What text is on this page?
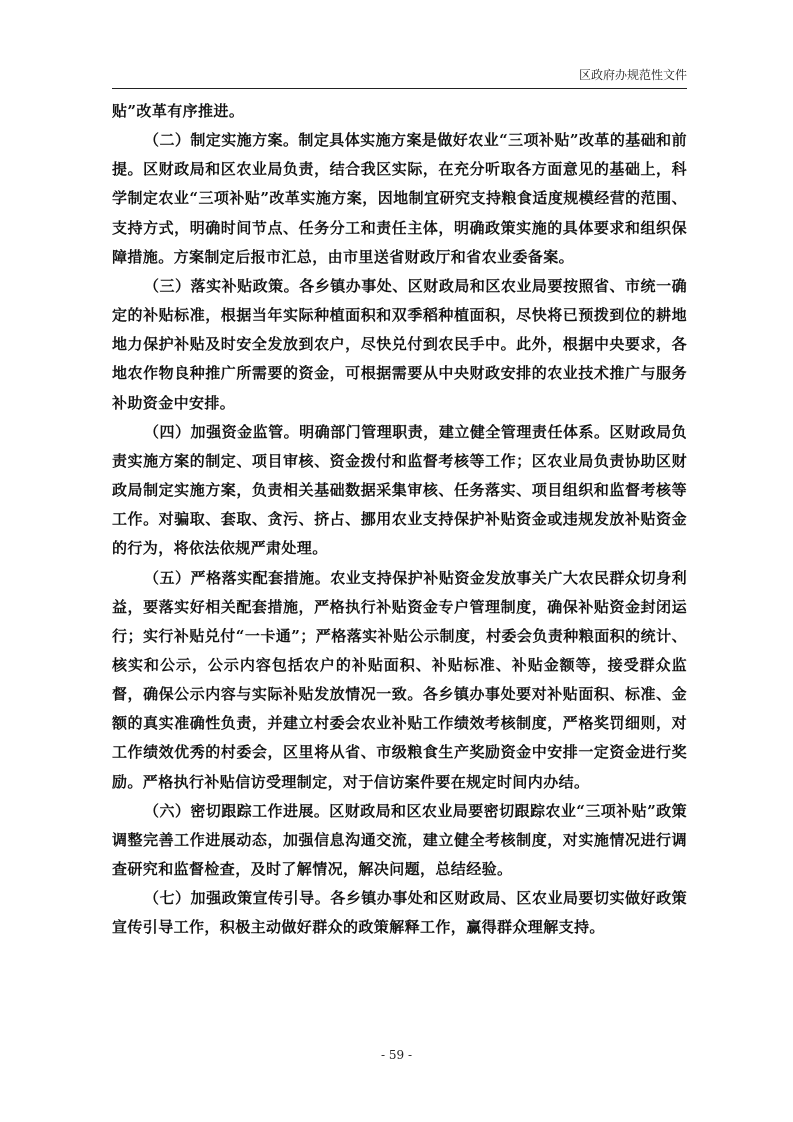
区政府办规范性文件

贴”改革有序推进。

（二）制定实施方案。制定具体实施方案是做好农业“三项补贴”改革的基础和前提。区财政局和区农业局负责，结合我区实际，在充分听取各方面意见的基础上，科学制定农业“三项补贴”改革实施方案，因地制宜研究支持粮食适度规模经营的范围、支持方式，明确时间节点、任务分工和责任主体，明确政策实施的具体要求和组织保障措施。方案制定后报市汇总，由市里送省财政厅和省农业委备案。

（三）落实补贴政策。各乡镇办事处、区财政局和区农业局要按照省、市统一确定的补贴标准，根据当年实际种植面积和双季稻种植面积，尽快将已预拨到位的耕地地力保护补贴及时安全发放到农户，尽快兑付到农民手中。此外，根据中央要求，各地农作物良种推广所需要的资金，可根据需要从中央财政安排的农业技术推广与服务补助资金中安排。

（四）加强资金监管。明确部门管理职责，建立健全管理责任体系。区财政局负责实施方案的制定、项目审核、资金拨付和监督考核等工作；区农业局负责协助区财政局制定实施方案，负责相关基础数据采集审核、任务落实、项目组织和监督考核等工作。对骗取、套取、贪污、挤占、挪用农业支持保护补贴资金或违规发放补贴资金的行为，将依法依规严肃处理。

（五）严格落实配套措施。农业支持保护补贴资金发放事关广大农民群众切身利益，要落实好相关配套措施，严格执行补贴资金专户管理制度，确保补贴资金封闭运行；实行补贴兑付“一卡通”；严格落实补贴公示制度，村委会负责种粮面积的统计、核实和公示，公示内容包括农户的补贴面积、补贴标准、补贴金额等，接受群众监督，确保公示内容与实际补贴发放情况一致。各乡镇办事处要对补贴面积、标准、金额的真实准确性负责，并建立村委会农业补贴工作绩效考核制度，严格奖罚细则，对工作绩效优秀的村委会，区里将从省、市级粮食生产奖励资金中安排一定资金进行奖励。严格执行补贴信访受理制定，对于信访案件要在规定时间内办结。

（六）密切跟踪工作进展。区财政局和区农业局要密切跟踪农业“三项补贴”政策调整完善工作进展动态，加强信息沟通交流，建立健全考核制度，对实施情况进行调查研究和监督检查，及时了解情况，解决问题，总结经验。

（七）加强政策宣传引导。各乡镇办事处和区财政局、区农业局要切实做好政策宣传引导工作，积极主动做好群众的政策解释工作，赢得群众理解支持。

- 59 -
